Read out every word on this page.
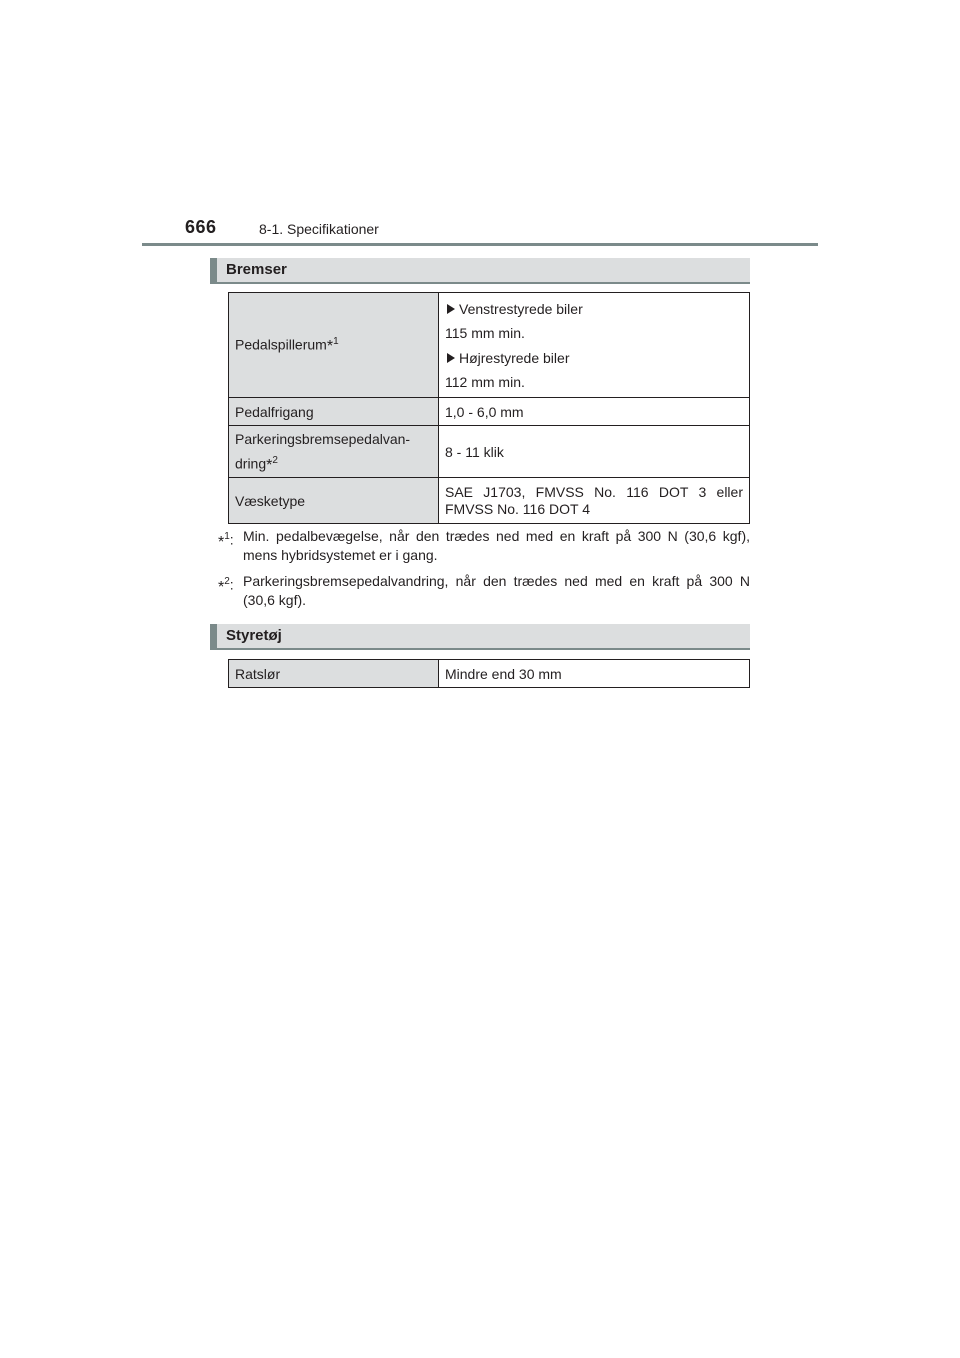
666	8-1. Specifikationer
Bremser
Pedalspillerum*$^1$	Venstrestyrede biler
115 mm min.
Højrestyrede biler
112 mm min.

Pedalfrigang	1,0 - 6,0 mm

Parkeringsbremsepedalvan-
dring*$^2$	8 - 11 klik
Væsketype	SAE J1703, FMVSS No. 116 DOT 3 eller FMVSS No. 116 DOT 4
*$^1$: Min. pedalbevægelse, når den trædes ned med en kraft på 300 N (30,6 kgf), mens hybridsystemet er i gang.
*$^2$: Parkeringsbremsepedalvandring, når den trædes ned med en kraft på 300 N (30,6 kgf).
Styretøj
Ratslør	Mindre end 30 mm
